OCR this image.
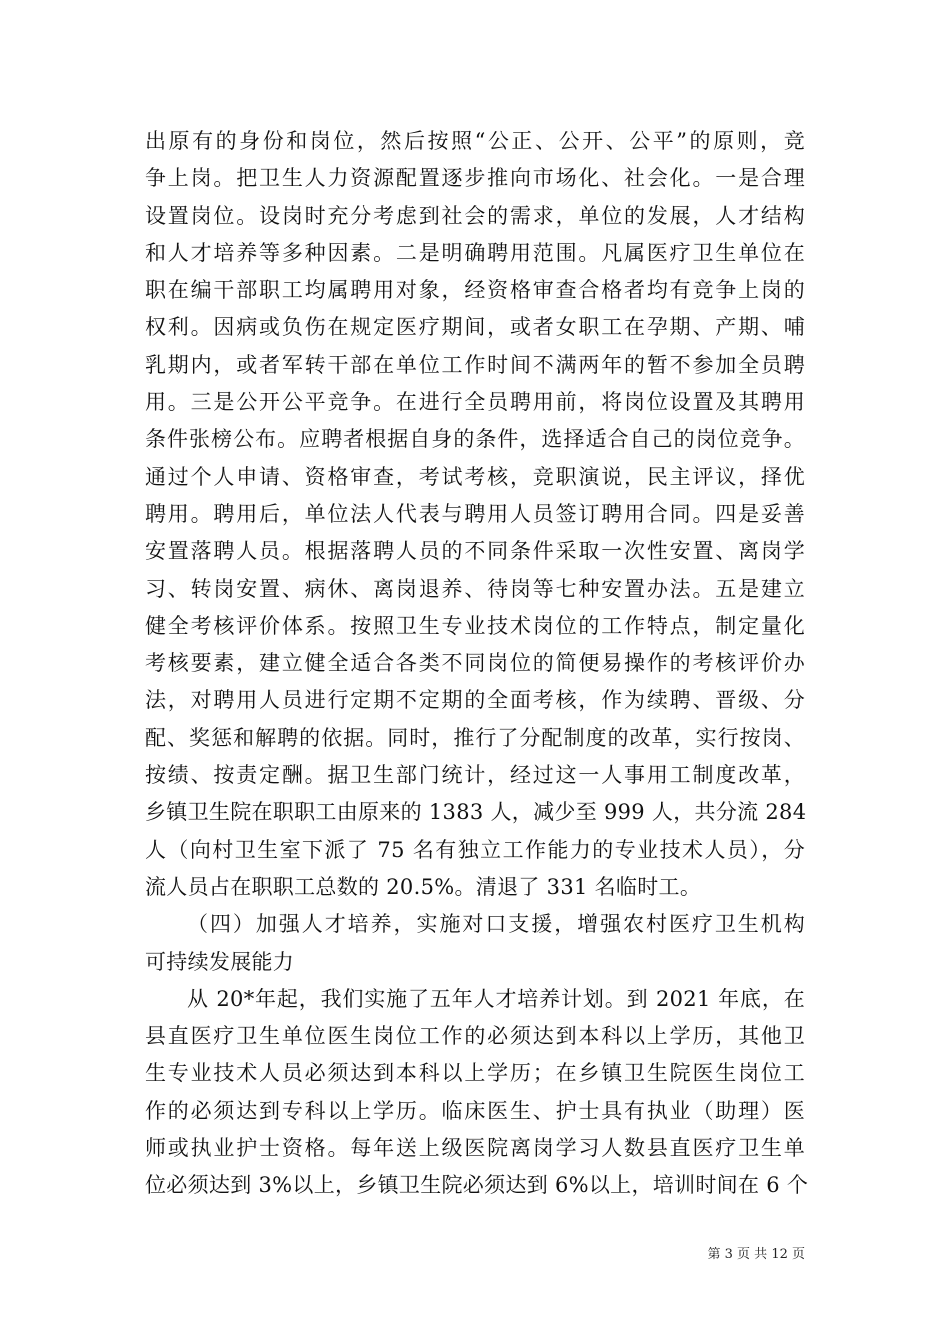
出原有的身份和岗位，然后按照“公正、公开、公平”的原则，竞
争上岗。把卫生人力资源配置逐步推向市场化、社会化。一是合理
设置岗位。设岗时充分考虑到社会的需求，单位的发展，人才结构
和人才培养等多种因素。二是明确聘用范围。凡属医疗卫生单位在
职在编干部职工均属聘用对象，经资格审查合格者均有竞争上岗的
权利。因病或负伤在规定医疗期间，或者女职工在孕期、产期、哺
乳期内，或者军转干部在单位工作时间不满两年的暂不参加全员聘
用。三是公开公平竞争。在进行全员聘用前，将岗位设置及其聘用
条件张榜公布。应聘者根据自身的条件，选择适合自己的岗位竞争。
通过个人申请、资格审查，考试考核，竞职演说，民主评议，择优
聘用。聘用后，单位法人代表与聘用人员签订聘用合同。四是妥善
安置落聘人员。根据落聘人员的不同条件采取一次性安置、离岗学
习、转岗安置、病休、离岗退养、待岗等七种安置办法。五是建立
健全考核评价体系。按照卫生专业技术岗位的工作特点，制定量化
考核要素，建立健全适合各类不同岗位的简便易操作的考核评价办
法，对聘用人员进行定期不定期的全面考核，作为续聘、晋级、分
配、奖惩和解聘的依据。同时，推行了分配制度的改革，实行按岗、
按绩、按责定酬。据卫生部门统计，经过这一人事用工制度改革，
乡镇卫生院在职职工由原来的 1383 人，减少至 999 人，共分流 284
人（向村卫生室下派了 75 名有独立工作能力的专业技术人员），分
流人员占在职职工总数的 20.5%。清退了 331 名临时工。
（四）加强人才培养，实施对口支援，增强农村医疗卫生机构
可持续发展能力
从 20*年起，我们实施了五年人才培养计划。到 2021 年底，在
县直医疗卫生单位医生岗位工作的必须达到本科以上学历，其他卫
生专业技术人员必须达到本科以上学历；在乡镇卫生院医生岗位工
作的必须达到专科以上学历。临床医生、护士具有执业（助理）医
师或执业护士资格。每年送上级医院离岗学习人数县直医疗卫生单
位必须达到 3%以上，乡镇卫生院必须达到 6%以上，培训时间在 6 个
第 3 页 共 12 页
